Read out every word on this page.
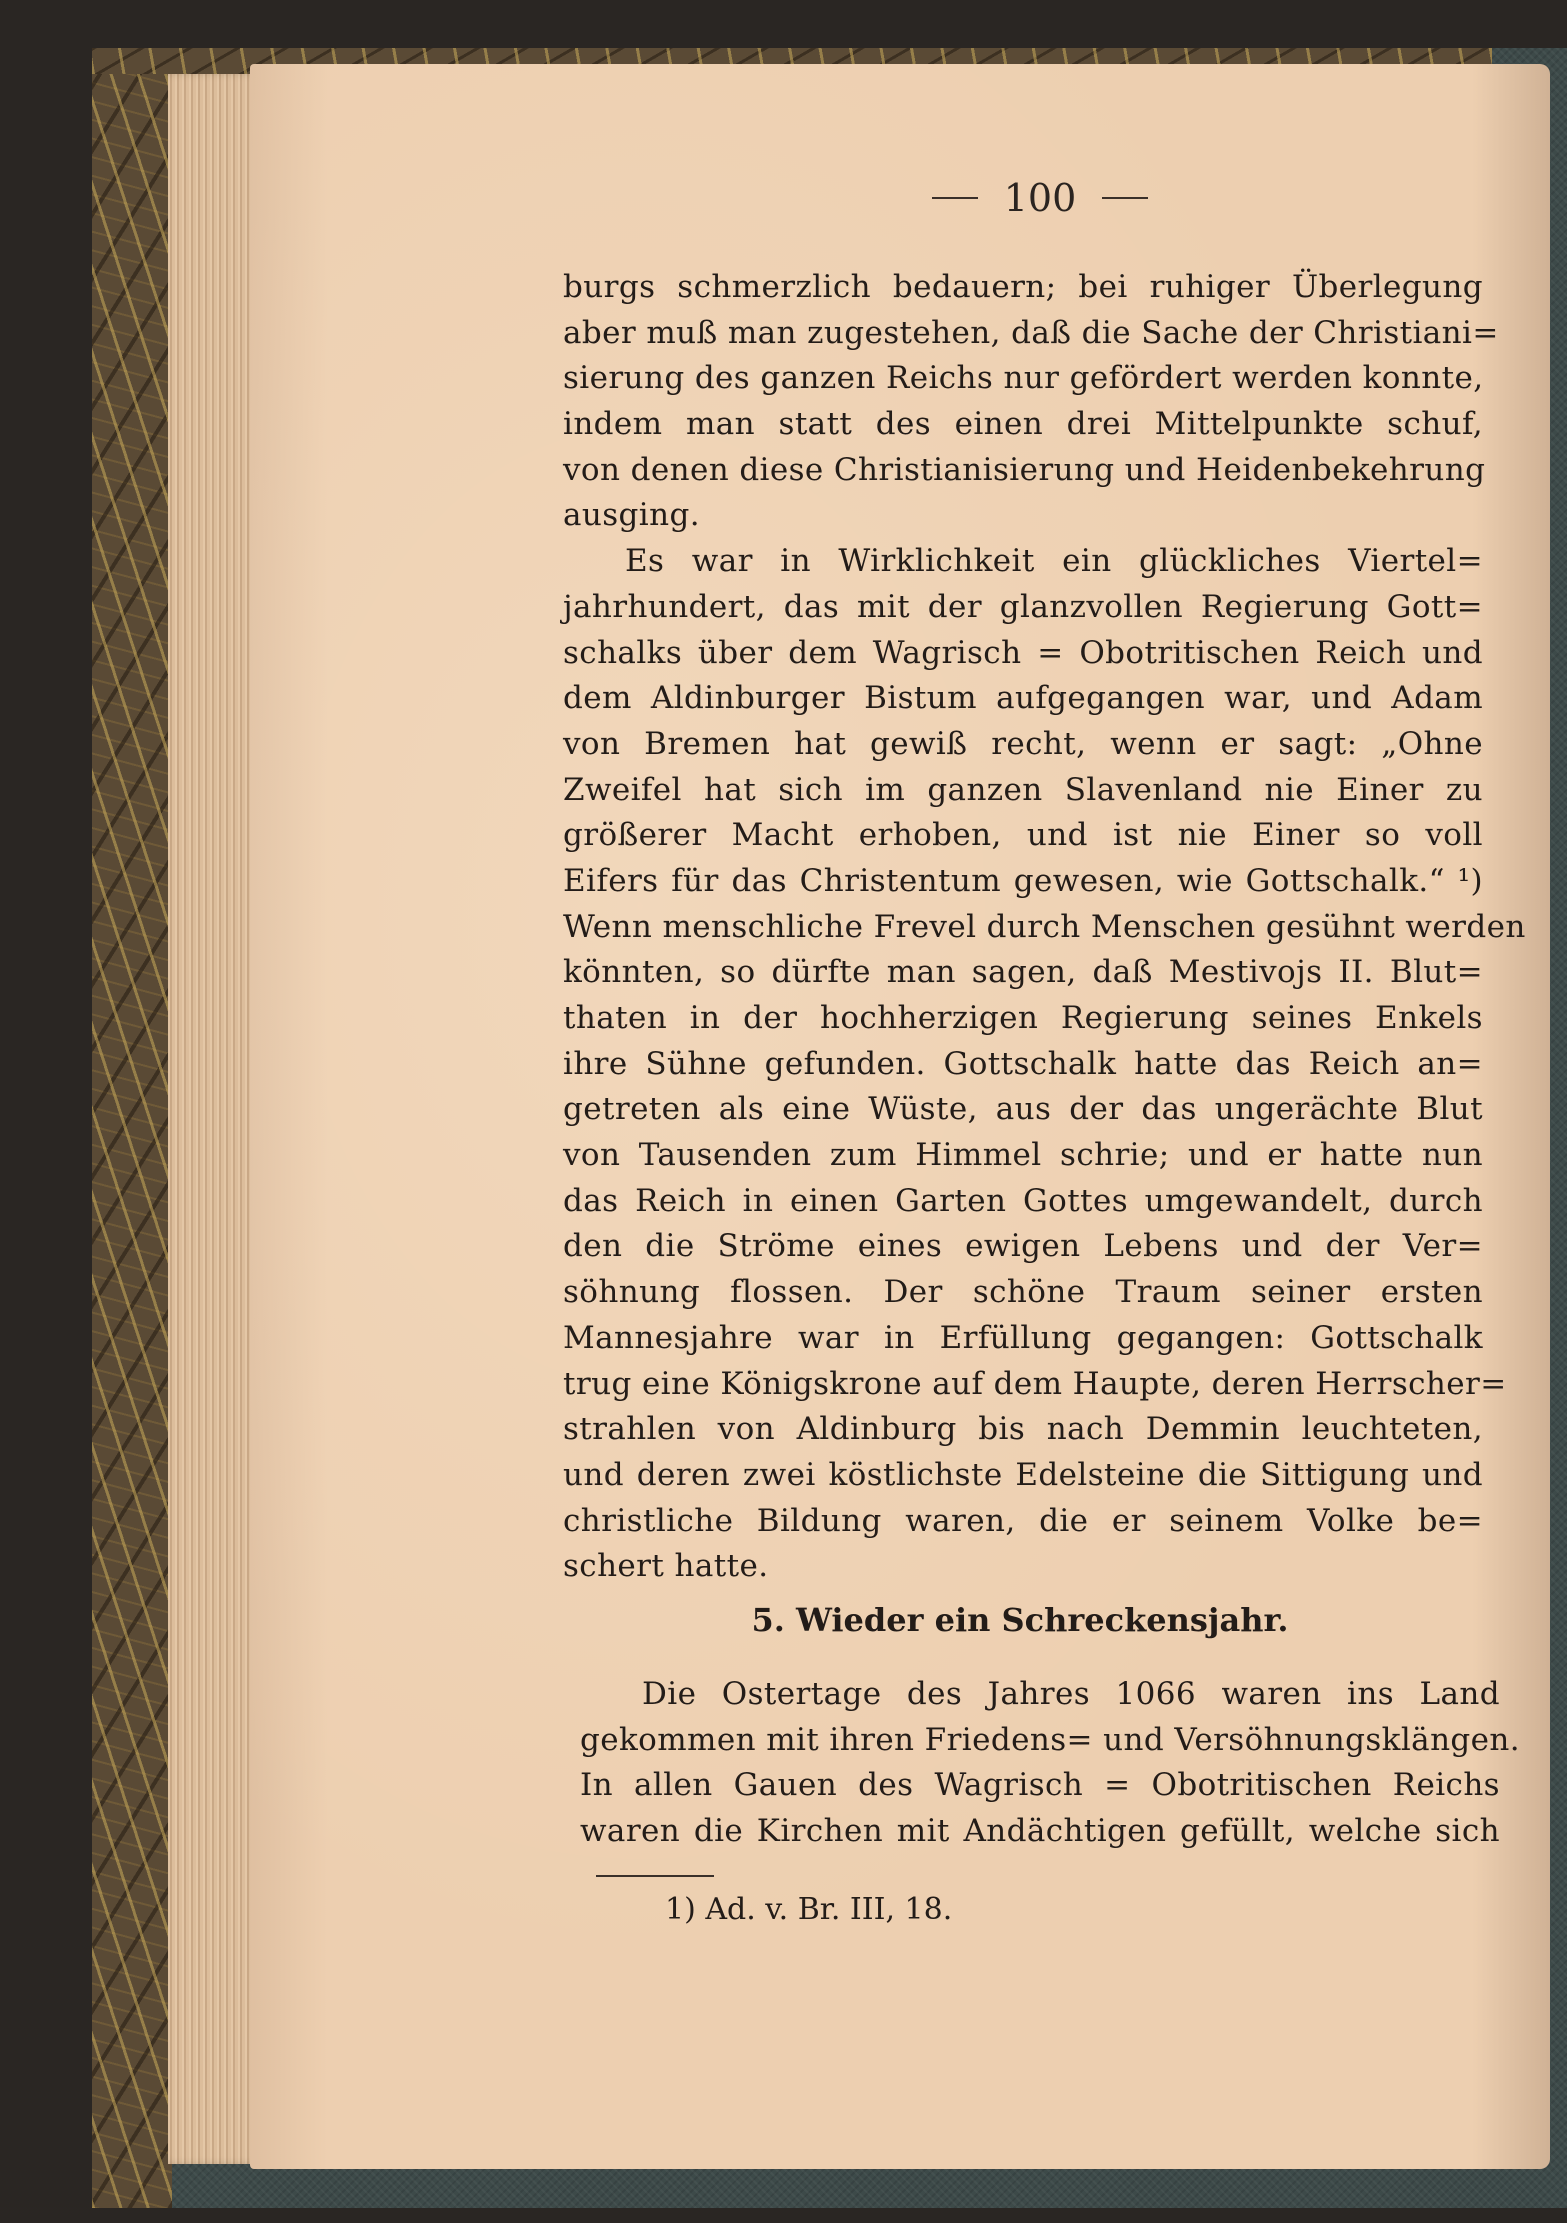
100
burgs schmerzlich bedauern; bei ruhiger Überlegung
aber muß man zugestehen, daß die Sache der Christiani=
sierung des ganzen Reichs nur gefördert werden konnte,
indem man statt des einen drei Mittelpunkte schuf,
von denen diese Christianisierung und Heidenbekehrung
ausging.
Es war in Wirklichkeit ein glückliches Viertel=
jahrhundert, das mit der glanzvollen Regierung Gott=
schalks über dem Wagrisch = Obotritischen Reich und
dem Aldinburger Bistum aufgegangen war, und Adam
von Bremen hat gewiß recht, wenn er sagt: „Ohne
Zweifel hat sich im ganzen Slavenland nie Einer zu
größerer Macht erhoben, und ist nie Einer so voll
Eifers für das Christentum gewesen, wie Gottschalk.“ ¹)
Wenn menschliche Frevel durch Menschen gesühnt werden
könnten, so dürfte man sagen, daß Mestivojs II. Blut=
thaten in der hochherzigen Regierung seines Enkels
ihre Sühne gefunden. Gottschalk hatte das Reich an=
getreten als eine Wüste, aus der das ungerächte Blut
von Tausenden zum Himmel schrie; und er hatte nun
das Reich in einen Garten Gottes umgewandelt, durch
den die Ströme eines ewigen Lebens und der Ver=
söhnung flossen. Der schöne Traum seiner ersten
Mannesjahre war in Erfüllung gegangen: Gottschalk
trug eine Königskrone auf dem Haupte, deren Herrscher=
strahlen von Aldinburg bis nach Demmin leuchteten,
und deren zwei köstlichste Edelsteine die Sittigung und
christliche Bildung waren, die er seinem Volke be=
schert hatte.
5. Wieder ein Schreckensjahr.
Die Ostertage des Jahres 1066 waren ins Land
gekommen mit ihren Friedens= und Versöhnungsklängen.
In allen Gauen des Wagrisch = Obotritischen Reichs
waren die Kirchen mit Andächtigen gefüllt, welche sich
1) Ad. v. Br. III, 18.
